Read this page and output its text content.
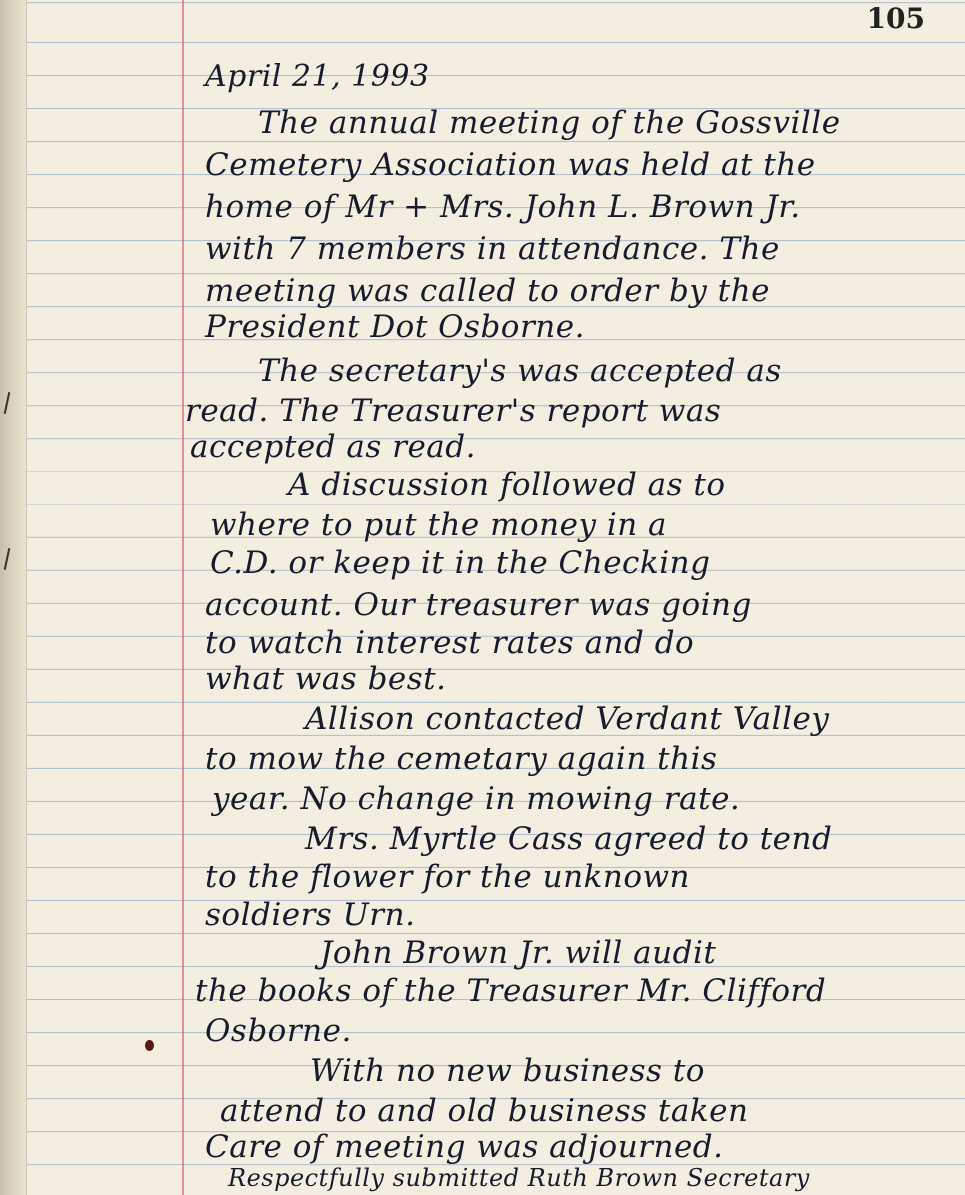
105
April 21, 1993
The annual meeting of the Gossville
Cemetery Association was held at the
home of Mr + Mrs. John L. Brown Jr.
with 7 members in attendance. The
meeting was called to order by the
President Dot Osborne.
The secretary's was accepted as
read. The Treasurer's report was
accepted as read.
A discussion followed as to
where to put the money in a
C.D. or keep it in the Checking
account. Our treasurer was going
to watch interest rates and do
what was best.
Allison contacted Verdant Valley
to mow the cemetary again this
year. No change in mowing rate.
Mrs. Myrtle Cass agreed to tend
to the flower for the unknown
soldiers Urn.
John Brown Jr. will audit
the books of the Treasurer Mr. Clifford
Osborne.
With no new business to
attend to and old business taken
Care of meeting was adjourned.
Respectfully submitted Ruth Brown Secretary
